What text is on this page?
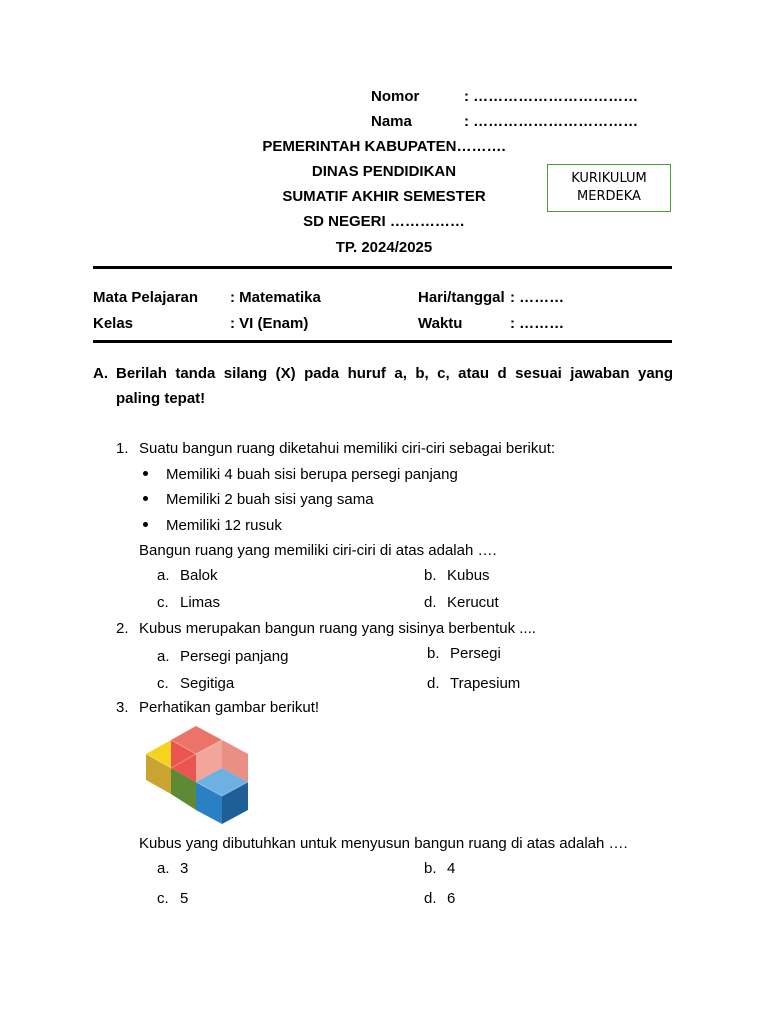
Nomor	: ……………………………
Nama	: ……………………………
PEMERINTAH KABUPATEN……….
DINAS PENDIDIKAN
SUMATIF AKHIR SEMESTER
SD NEGERI ……………
TP. 2024/2025
KURIKULUM
MERDEKA
Mata Pelajaran : Matematika	Hari/tanggal : ………
Kelas	: VI (Enam)	Waktu	: ………
A. Berilah tanda silang (X) pada huruf a, b, c, atau d sesuai jawaban yang
paling tepat!
1. Suatu bangun ruang diketahui memiliki ciri-ciri sebagai berikut:
Memiliki 4 buah sisi berupa persegi panjang
Memiliki 2 buah sisi yang sama
Memiliki 12 rusuk
Bangun ruang yang memiliki ciri-ciri di atas adalah ….
a. Balok	b. Kubus
c. Limas	d. Kerucut
2. Kubus merupakan bangun ruang yang sisinya berbentuk ....
a. Persegi panjang	b. Persegi
c. Segitiga	d. Trapesium
3. Perhatikan gambar berikut!
Kubus yang dibutuhkan untuk menyusun bangun ruang di atas adalah ….
a. 3	b. 4
c. 5	d. 6
